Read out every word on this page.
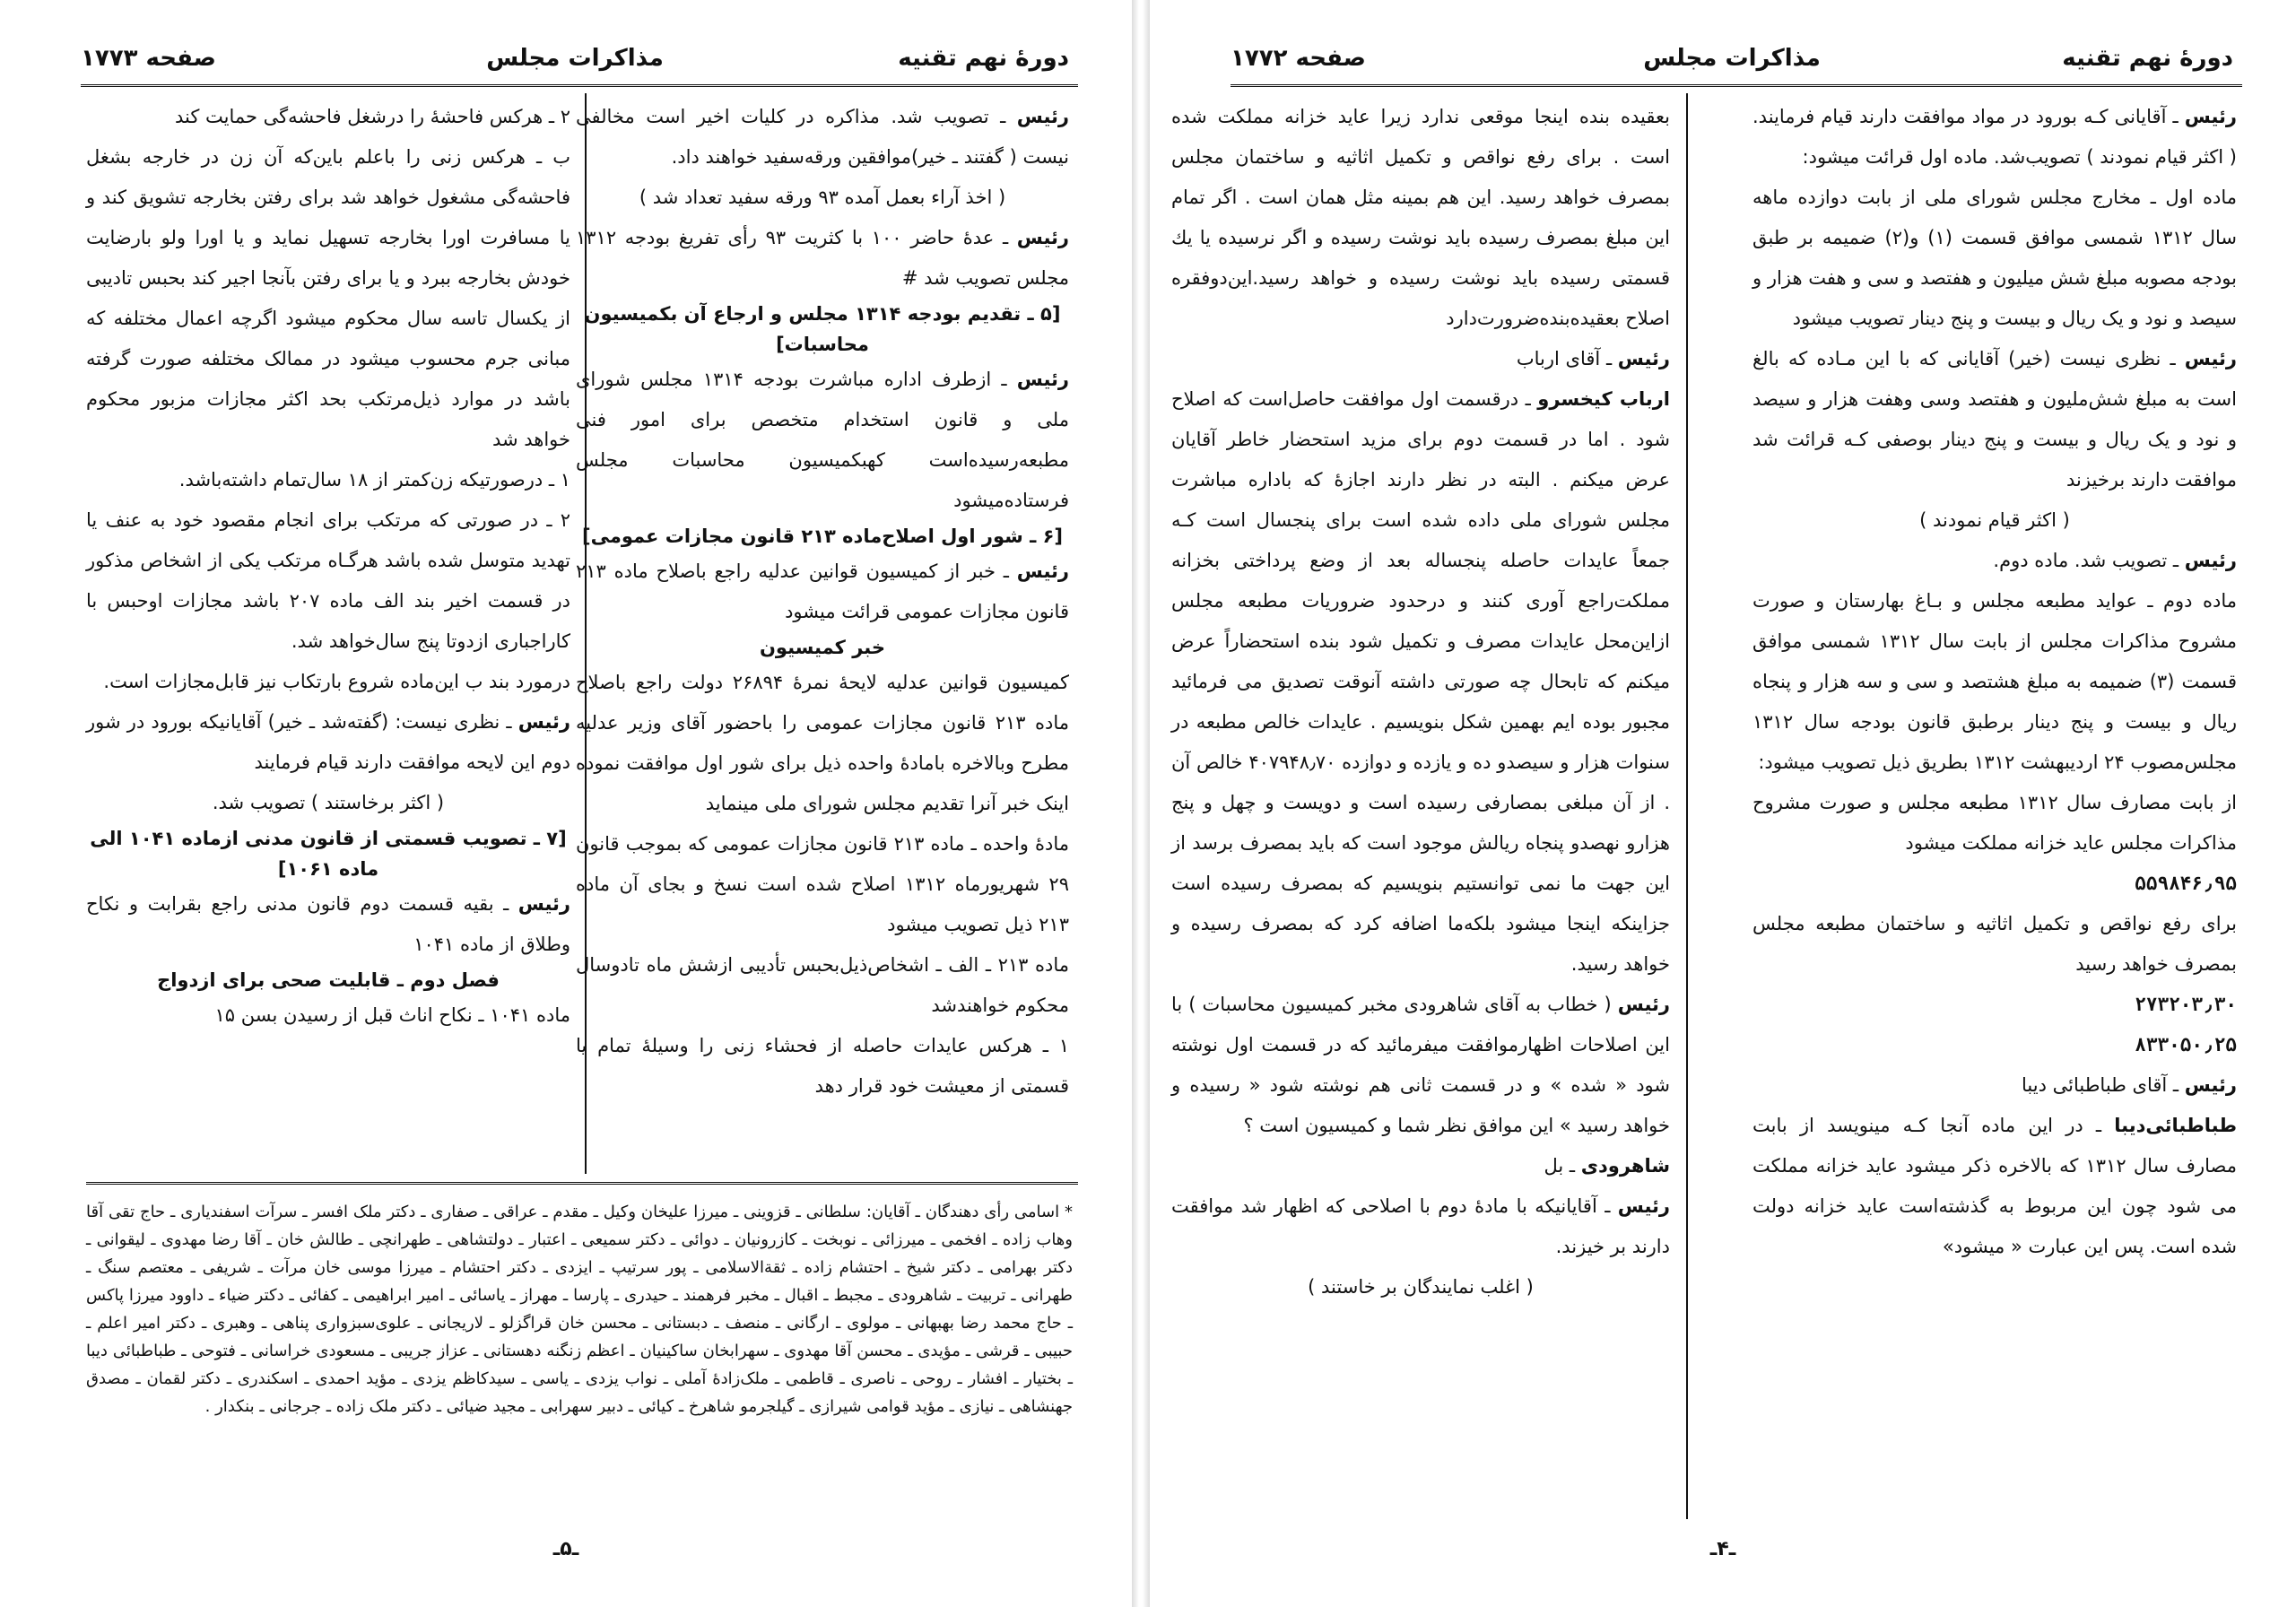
دورهٔ نهم تقنیه
مذاکرات مجلس
صفحه ۱۷۷۳

رئیس ـ تصویب شد. مذاکره در کلیات اخیر است مخالفی نیست ( گفتند ـ خیر)موافقین ورقه‌سفید خواهند داد.

( اخذ آراء بعمل آمده ۹۳ ورقه سفید تعداد شد )

رئیس ـ عدهٔ حاضر ۱۰۰ با کثریت ۹۳ رأی تفریغ بودجه ۱۳۱۲ مجلس تصویب شد #

[۵ ـ تقدیم بودجه ۱۳۱۴ مجلس و ارجاع آن بکمیسیون محاسبات]

رئیس ـ ازطرف اداره مباشرت بودجه ۱۳۱۴ مجلس شورای ملی و قانون استخدام متخصص برای امور فنی مطبعه‌رسیده‌است کهبکمیسیون محاسبات مجلس فرستاده‌میشود

[۶ ـ شور اول اصلاح‌ماده ۲۱۳ قانون مجازات عمومی]

رئیس ـ خبر از کمیسیون قوانین عدلیه راجع باصلاح ماده ۲۱۳ قانون مجازات عمومی قرائت میشود

خبر کمیسیون

کمیسیون قوانین عدلیه لایحهٔ نمرهٔ ۲۶۸۹۴ دولت راجع باصلاح ماده ۲۱۳ قانون مجازات عمومی را باحضور آقای وزیر عدلیه مطرح وبالاخره بامادهٔ واحده ذیل برای شور اول موافقت نموده اینک خبر آنرا تقدیم مجلس شورای ملی مینماید

مادهٔ واحده ـ ماده ۲۱۳ قانون مجازات عمومی که بموجب قانون ۲۹ شهریورماه ۱۳۱۲ اصلاح شده است نسخ و بجای آن ماده ۲۱۳ ذیل تصویب میشود

ماده ۲۱۳ ـ الف ـ اشخاص‌ذیل‌بحبس تأدیبی ازشش ماه تادوسال محکوم خواهندشد

۱ ـ هرکس عایدات حاصله از فحشاء زنی را وسیلهٔ تمام یا قسمتی از معیشت خود قرار دهد

۲ ـ هرکس فاحشهٔ را درشغل فاحشه‌گی حمایت کند

ب ـ هرکس زنی را باعلم باین‌که آن زن در خارجه بشغل فاحشه‌گی مشغول خواهد شد برای رفتن بخارجه تشویق کند و یا مسافرت اورا بخارجه تسهیل نماید و یا اورا ولو بارضایت خودش بخارجه ببرد و یا برای رفتن بآنجا اجیر کند بحبس تادیبی از یکسال تاسه سال محکوم میشود اگرچه اعمال مختلفه که مبانی جرم محسوب میشود در ممالک مختلفه صورت گرفته باشد در موارد ذیل‌مرتکب بحد اکثر مجازات مزبور محکوم خواهد شد

۱ ـ درصورتیکه زن‌کمتر از ۱۸ سال‌تمام داشته‌باشد.

۲ ـ در صورتی که مرتکب برای انجام مقصود خود به عنف یا تهدید متوسل شده باشد هرگـاه مرتکب یکی از اشخاص مذکور در قسمت اخیر بند الف ماده ۲۰۷ باشد مجازات اوحبس با کاراجباری ازدوتا پنج سال‌خواهد شد.

درمورد بند ب این‌ماده شروع بارتکاب نیز قابل‌مجازات است.

رئیس ـ نظری نیست: (گفته‌شد ـ خیر) آقایانیکه بورود در شور دوم این لایحه موافقت دارند قیام فرمایند

( اکثر برخاستند ) تصویب شد.

[۷ ـ تصویب قسمتی از قانون مدنی ازماده ۱۰۴۱ الی ماده ۱۰۶۱]

رئیس ـ بقیه قسمت دوم قانون مدنی راجع بقرابت و نکاح وطلاق از ماده ۱۰۴۱

فصل دوم ـ قابلیت صحی برای ازدواج

ماده ۱۰۴۱ ـ نکاح اناث قبل از رسیدن بسن ۱۵

* اسامی رأی دهندگان ـ آقایان: سلطانی ـ قزوینی ـ میرزا علیخان وکیل ـ مقدم ـ عراقی ـ صفاری ـ دکتر ملک افسر ـ سرآت اسفندیاری ـ حاج تقی آقا وهاب زاده ـ افخمی ـ میرزائی ـ نوبخت ـ کازرونیان ـ دوائی ـ دکتر سمیعی ـ اعتبار ـ دولتشاهی ـ طهرانچی ـ طالش خان ـ آقا رضا مهدوی ـ لیقوانی ـ دکتر بهرامی ـ دکتر شیخ ـ احتشام زاده ـ ثقةالاسلامی ـ پور سرتیپ ـ ایزدی ـ دکتر احتشام ـ میرزا موسی خان مرآت ـ شریفی ـ معتصم سنگ ـ طهرانی ـ تربیت ـ شاهرودی ـ مجبط ـ اقبال ـ مخبر فرهمند ـ حیدری ـ پارسا ـ مهراز ـ یاسائی ـ امیر ابراهیمی ـ کفائی ـ دکتر ضیاء ـ داوود میرزا پاکس ـ حاج محمد رضا بهبهانی ـ مولوی ـ ارگانی ـ منصف ـ دبستانی ـ محسن خان قراگزلو ـ لاریجانی ـ علوی‌سبزواری پناهی ـ وهبری ـ دکتر امیر اعلم ـ حبیبی ـ قرشی ـ مؤیدی ـ محسن آقا مهدوی ـ سهرابخان ساکینیان ـ اعظم زنگنه دهستانی ـ عزاز جریبی ـ مسعودی خراسانی ـ فتوحی ـ طباطبائی دیبا ـ بختیار ـ افشار ـ روحی ـ ناصری ـ قاطمی ـ ملک‌زادهٔ آملی ـ نواب یزدی ـ یاسی ـ سیدکاظم یزدی ـ مؤید احمدی ـ اسکندری ـ دکتر لقمان ـ مصدق جهنشاهی ـ نیازی ـ مؤید قوامی شیرازی ـ گیلجرمو شاهرخ ـ کیائی ـ دبیر سهرابی ـ مجید ضیائی ـ دکتر ملک زاده ـ جرجانی ـ بنکدار .

ـ۵ـ
دورهٔ نهم تقنیه
مذاکرات مجلس
صفحه ۱۷۷۲

رئیس ـ آقایانی کـه بورود در مواد موافقت دارند قیام فرمایند. ( اکثر قیام نمودند ) تصویب‌شد. ماده اول قرائت میشود:

ماده اول ـ مخارج مجلس شورای ملی از بابت دوازده ماهه سال ۱۳۱۲ شمسی موافق قسمت (۱) و(۲) ضمیمه بر طبق بودجه مصوبه مبلغ شش میلیون و هفتصد و سی و هفت هزار و سیصد و نود و یک ریال و بیست و پنج دینار تصویب میشود

رئیس ـ نظری نیست (خیر) آقایانی که با این مـاده که بالغ است به مبلغ شش‌ملیون و هفتصد وسی وهفت هزار و سیصد و نود و یک ریال و بیست و پنج دینار بوصفی کـه قرائت شد موافقت دارند برخیزند

( اکثر قیام نمودند )

رئیس ـ تصویب شد. ماده دوم.

ماده دوم ـ عواید مطبعه مجلس و بـاغ بهارستان و صورت مشروح مذاکرات مجلس از بابت سال ۱۳۱۲ شمسی موافق قسمت (۳) ضمیمه به مبلغ هشتصد و سی و سه هزار و پنجاه ریال و بیست و پنج دینار برطبق قانون بودجه سال ۱۳۱۲ مجلس‌مصوب ۲۴ اردیبهشت ۱۳۱۲ بطریق ذیل تصویب میشود:

از بابت مصارف سال ۱۳۱۲ مطبعه مجلس و صورت مشروح مذاکرات مجلس عاید خزانه مملکت میشود

۵۵۹۸۴۶٫۹۵

برای رفع نواقص و تکمیل اثاثیه و ساختمان مطبعه مجلس بمصرف خواهد رسید

۲۷۳۲۰۳٫۳۰

۸۳۳۰۵۰٫۲۵

رئیس ـ آقای طباطبائی دیبا

طباطبائی‌دیبا ـ در این ماده آنجا کـه مینویسد از بابت مصارف سال ۱۳۱۲ که بالاخره ذکر میشود عاید خزانه مملکت می شود چون این مربوط به گذشته‌است عاید خزانه دولت شده است. پس این عبارت « میشود»

بعقیده بنده اینجا موقعی ندارد زیرا عاید خزانه مملکت شده است . برای رفع نواقص و تکمیل اثاثیه و ساختمان مجلس بمصرف خواهد رسید. این هم بمینه مثل همان است . اگر تمام این مبلغ بمصرف رسیده باید نوشت رسیده و اگر نرسیده یا یك قسمتی رسیده باید نوشت رسیده و خواهد رسید.این‌دوفقره اصلاح بعقیده‌بنده‌ضرورت‌دارد

رئیس ـ آقای ارباب

ارباب کیخسرو ـ درقسمت اول موافقت حاصل‌است که اصلاح شود . اما در قسمت دوم برای مزید استحضار خاطر آقایان عرض میکنم . البته در نظر دارند اجازهٔ که باداره مباشرت مجلس شورای ملی داده شده است برای پنجسال است کـه جمعاً عایدات حاصله پنجساله بعد از وضع پرداختی بخزانه مملکت‌راجع آوری کنند و درحدود ضروریات مطبعه مجلس ازاین‌محل عایدات مصرف و تکمیل شود بنده استحضاراً عرض میکنم که تابحال چه صورتی داشته آنوقت تصدیق می فرمائید مجبور بوده ایم بهمین شکل بنویسیم . عایدات خالص مطبعه در سنوات هزار و سیصدو ده و یازده و دوازده ۴۰۷۹۴۸٫۷۰ خالص آن . از آن مبلغی بمصارفی رسیده است و دویست و چهل و پنج هزارو نهصدو پنجاه ریالش موجود است که باید بمصرف برسد از این جهت ما نمی توانستیم بنویسیم که بمصرف رسیده است جزاینکه اینجا میشود بلکه‌ما اضافه کرد که بمصرف رسیده و خواهد رسید.

رئیس ( خطاب به آقای شاهرودی مخبر کمیسیون محاسبات ) با این اصلاحات اظهارموافقت میفرمائید که در قسمت اول نوشته شود « شده » و در قسمت ثانی هم نوشته شود « رسیده و خواهد رسید » این موافق نظر شما و کمیسیون است ؟

شاهرودی ـ بل

رئیس ـ آقایانیکه با مادهٔ دوم با اصلاحی که اظهار شد موافقت دارند بر خیزند.

( اغلب نمایندگان بر خاستند )

ـ۴ـ
